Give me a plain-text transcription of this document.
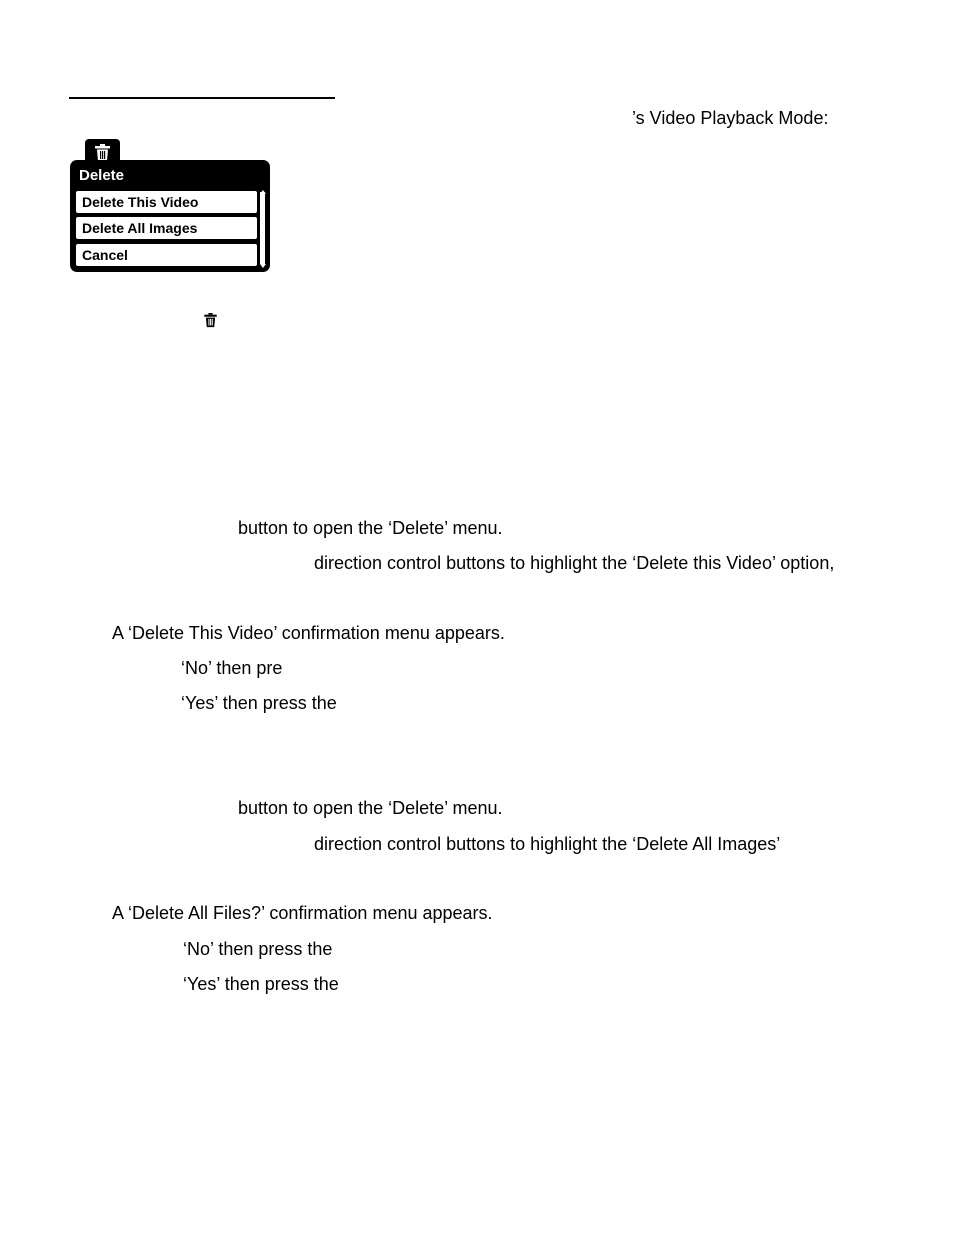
’s Video Playback Mode:
Delete
Delete This Video
Delete All Images
Cancel
button to open the ‘Delete’ menu.
direction control buttons to highlight the ‘Delete this Video’ option,
A ‘Delete This Video’ confirmation menu appears.
‘No’ then pre
‘Yes’ then press the
button to open the ‘Delete’ menu.
direction control buttons to highlight the ‘Delete All Images’
A ‘Delete All Files?’ confirmation menu appears.
‘No’ then press the
‘Yes’ then press the
